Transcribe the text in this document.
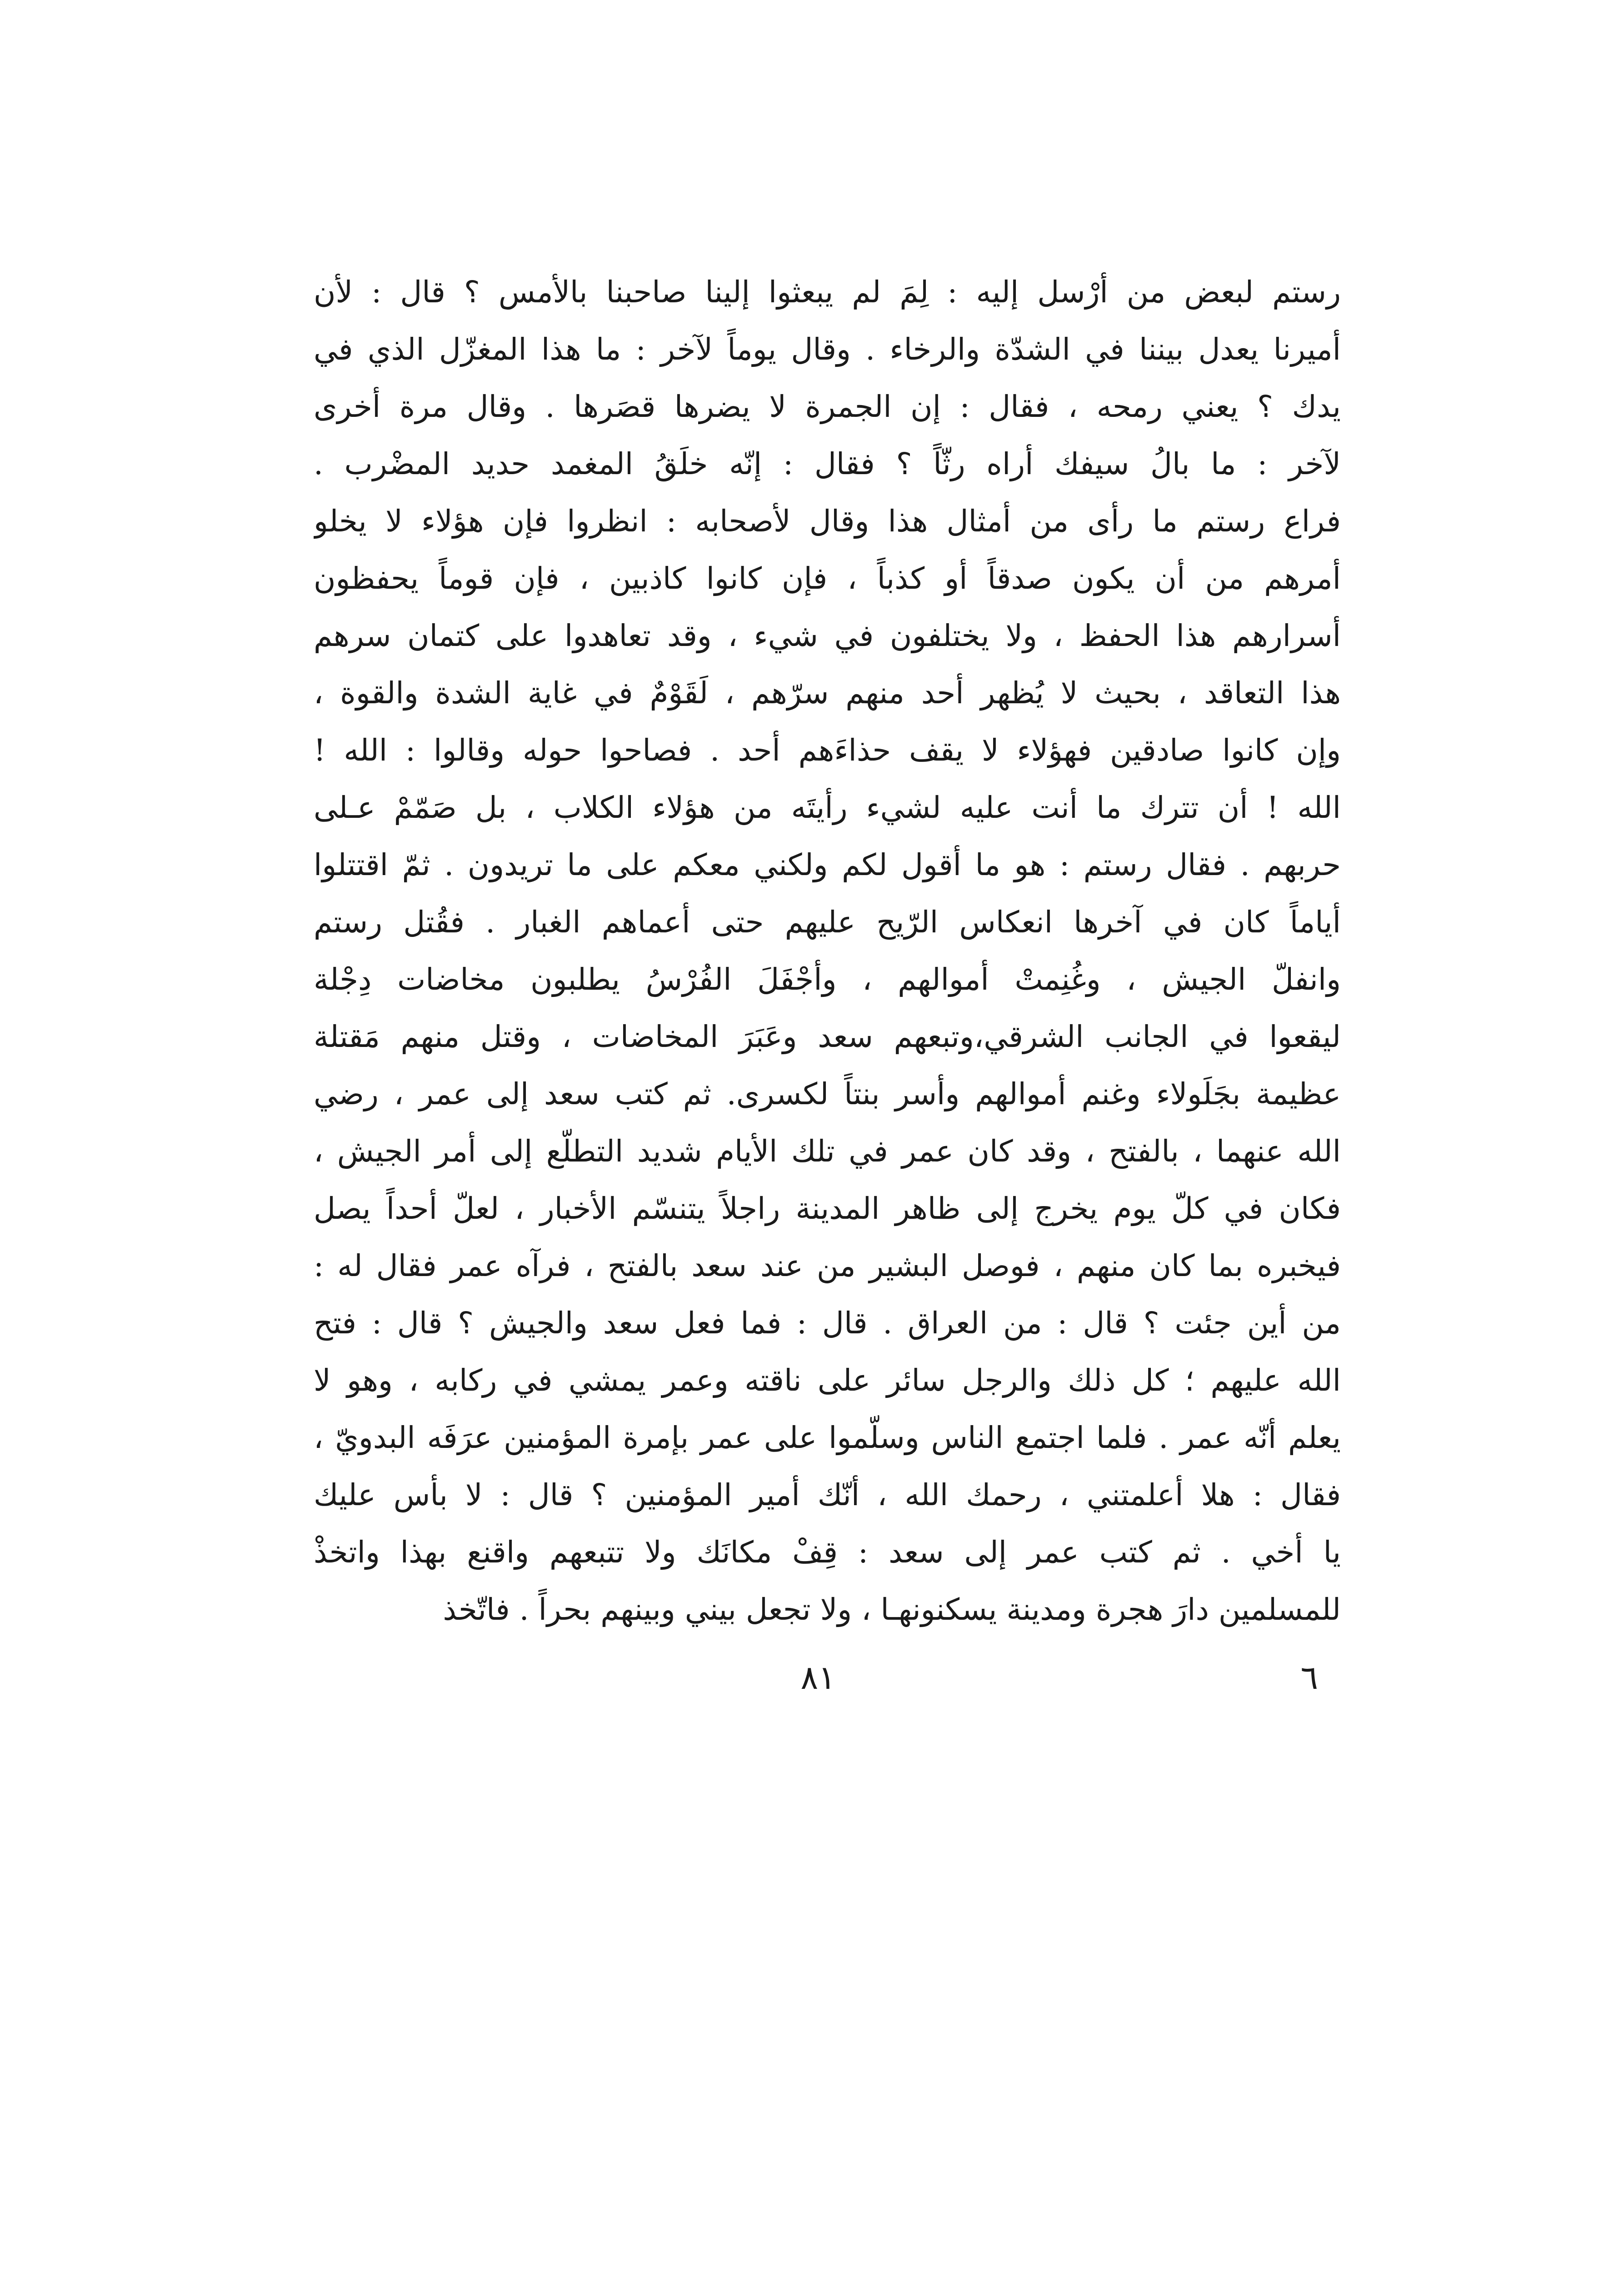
رستم لبعض من أرْسل إليه : لِمَ لم يبعثوا إلينا صاحبنا بالأمس ؟ قال : لأن
أميرنا يعدل بيننا في الشدّة والرخاء . وقال يوماً لآخر : ما هذا المغزّل الذي في
يدك ؟ يعني رمحه ، فقال : إن الجمرة لا يضرها قصَرها . وقال مرة أخرى
لآخر : ما بالُ سيفك أراه رثّاً ؟ فقال : إنّه خلَقُ المغمد حديد المضْرب .
فراع رستم ما رأى من أمثال هذا وقال لأصحابه : انظروا فإن هؤلاء لا يخلو
أمرهم من أن يكون صدقاً أو كذباً ، فإن كانوا كاذبين ، فإن قوماً يحفظون
أسرارهم هذا الحفظ ، ولا يختلفون في شيء ، وقد تعاهدوا على كتمان سرهم
هذا التعاقد ، بحيث لا يُظهر أحد منهم سرّهم ، لَقَوْمٌ في غاية الشدة والقوة ،
وإن كانوا صادقين فهؤلاء لا يقف حذاءَهم أحد . فصاحوا حوله وقالوا : الله !
الله ! أن تترك ما أنت عليه لشيء رأيتَه من هؤلاء الكلاب ، بل صَمّمْ عـلى
حربهم . فقال رستم : هو ما أقول لكم ولكني معكم على ما تريدون . ثمّ اقتتلوا
أياماً كان في آخرها انعكاس الرّيح عليهم حتى أعماهم الغبار . فقُتل رستم
وانفلّ الجيش ، وغُنِمتْ أموالهم ، وأجْفَلَ الفُرْسُ يطلبون مخاضات دِجْلة
ليقعوا في الجانب الشرقي،وتبعهم سعد وعَبَرَ المخاضات ، وقتل منهم مَقتلة
عظيمة بجَلَولاء وغنم أموالهم وأسر بنتاً لكسرى. ثم كتب سعد إلى عمر ، رضي
الله عنهما ، بالفتح ، وقد كان عمر في تلك الأيام شديد التطلّع إلى أمر الجيش ،
فكان في كلّ يوم يخرج إلى ظاهر المدينة راجلاً يتنسّم الأخبار ، لعلّ أحداً يصل
فيخبره بما كان منهم ، فوصل البشير من عند سعد بالفتح ، فرآه عمر فقال له :
من أين جئت ؟ قال : من العراق . قال : فما فعل سعد والجيش ؟ قال : فتح
الله عليهم ؛ كل ذلك والرجل سائر على ناقته وعمر يمشي في ركابه ، وهو لا
يعلم أنّه عمر . فلما اجتمع الناس وسلّموا على عمر بإمرة المؤمنين عرَفَه البدويّ ،
فقال : هلا أعلمتني ، رحمك الله ، أنّك أمير المؤمنين ؟ قال : لا بأس عليك
يا أخي . ثم كتب عمر إلى سعد : قِفْ مكانَك ولا تتبعهم واقنع بهذا واتخذْ
للمسلمين دارَ هجرة ومدينة يسكنونهـا ، ولا تجعل بيني وبينهم بحراً . فاتّخذ
٨١	٦
